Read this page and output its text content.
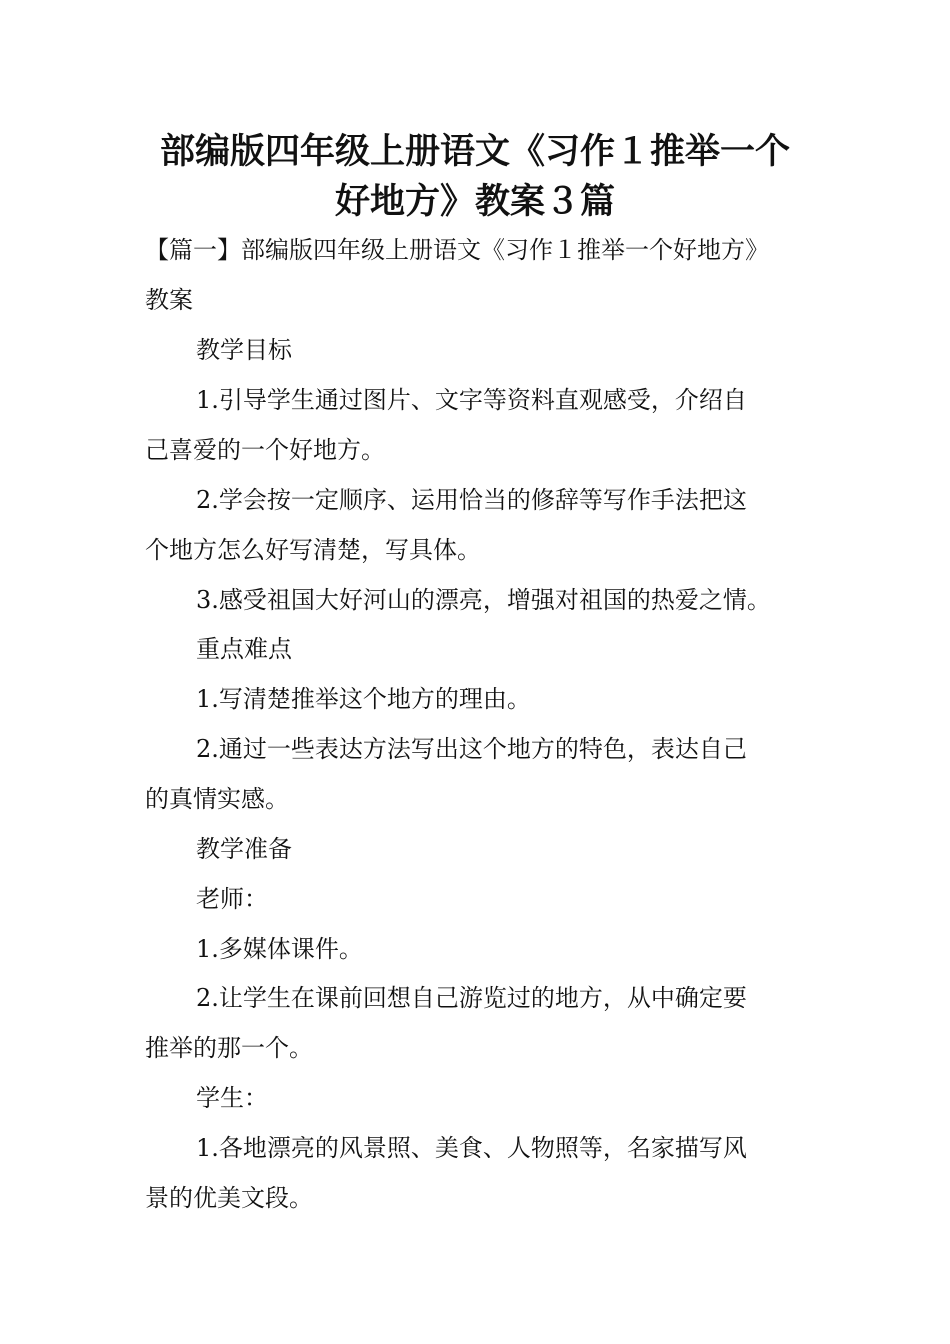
部编版四年级上册语文《习作１推举一个
好地方》教案３篇
【篇一】部编版四年级上册语文《习作１推举一个好地方》
教案
教学目标
1.引导学生通过图片、文字等资料直观感受，介绍自
己喜爱的一个好地方。
2.学会按一定顺序、运用恰当的修辞等写作手法把这
个地方怎么好写清楚，写具体。
3.感受祖国大好河山的漂亮，增强对祖国的热爱之情。
重点难点
1.写清楚推举这个地方的理由。
2.通过一些表达方法写出这个地方的特色，表达自己
的真情实感。
教学准备
老师：
1.多媒体课件。
2.让学生在课前回想自己游览过的地方，从中确定要
推举的那一个。
学生：
1.各地漂亮的风景照、美食、人物照等，名家描写风
景的优美文段。
